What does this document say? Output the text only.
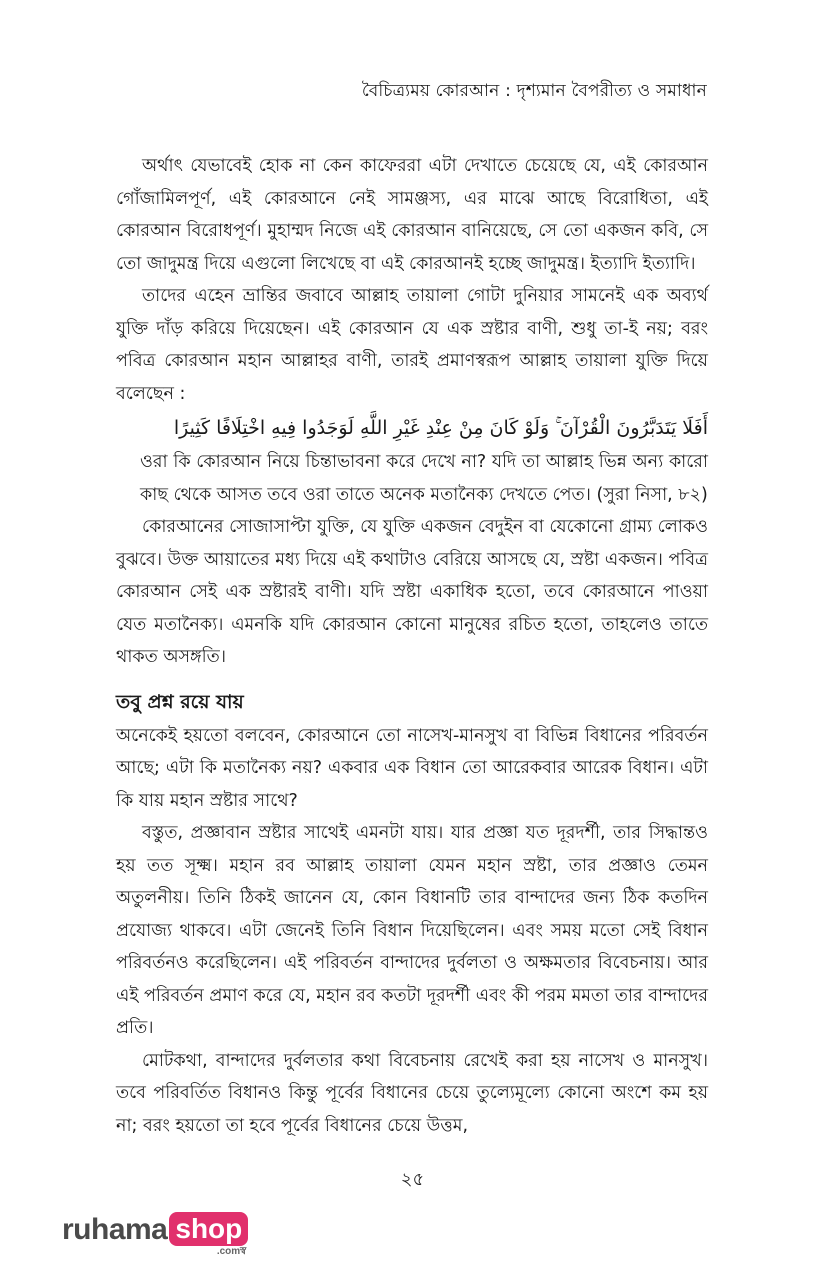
বৈচিত্র্যময় কোরআন : দৃশ্যমান বৈপরীত্য ও সমাধান

অর্থাৎ যেভাবেই হোক না কেন কাফেররা এটা দেখাতে চেয়েছে যে, এই কোরআন গোঁজামিলপূর্ণ, এই কোরআনে নেই সামঞ্জস্য, এর মাঝে আছে বিরোধিতা, এই কোরআন বিরোধপূর্ণ। মুহাম্মদ নিজে এই কোরআন বানিয়েছে, সে তো একজন কবি, সে তো জাদুমন্ত্র দিয়ে এগুলো লিখেছে বা এই কোরআনই হচ্ছে জাদুমন্ত্র। ইত্যাদি ইত্যাদি।

তাদের এহেন ভ্রান্তির জবাবে আল্লাহ তায়ালা গোটা দুনিয়ার সামনেই এক অব্যর্থ যুক্তি দাঁড় করিয়ে দিয়েছেন। এই কোরআন যে এক স্রষ্টার বাণী, শুধু তা-ই নয়; বরং পবিত্র কোরআন মহান আল্লাহর বাণী, তারই প্রমাণস্বরূপ আল্লাহ তায়ালা যুক্তি দিয়ে বলেছেন :

أَفَلَا يَتَدَبَّرُونَ الْقُرْآنَ ۚ وَلَوْ كَانَ مِنْ عِنْدِ غَيْرِ اللَّهِ لَوَجَدُوا فِيهِ اخْتِلَافًا كَثِيرًا

ওরা কি কোরআন নিয়ে চিন্তাভাবনা করে দেখে না? যদি তা আল্লাহ ভিন্ন অন্য কারো কাছ থেকে আসত তবে ওরা তাতে অনেক মতানৈক্য দেখতে পেত। (সুরা নিসা, ৮২)

কোরআনের সোজাসাপ্টা যুক্তি, যে যুক্তি একজন বেদুইন বা যেকোনো গ্রাম্য লোকও বুঝবে। উক্ত আয়াতের মধ্য দিয়ে এই কথাটাও বেরিয়ে আসছে যে, স্রষ্টা একজন। পবিত্র কোরআন সেই এক স্রষ্টারই বাণী। যদি স্রষ্টা একাধিক হতো, তবে কোরআনে পাওয়া যেত মতানৈক্য। এমনকি যদি কোরআন কোনো মানুষের রচিত হতো, তাহলেও তাতে থাকত অসঙ্গতি।

তবু প্রশ্ন রয়ে যায়

অনেকেই হয়তো বলবেন, কোরআনে তো নাসেখ-মানসুখ বা বিভিন্ন বিধানের পরিবর্তন আছে; এটা কি মতানৈক্য নয়? একবার এক বিধান তো আরেকবার আরেক বিধান। এটা কি যায় মহান স্রষ্টার সাথে?

বস্তুত, প্রজ্ঞাবান স্রষ্টার সাথেই এমনটা যায়। যার প্রজ্ঞা যত দূরদর্শী, তার সিদ্ধান্তও হয় তত সূক্ষ্ম। মহান রব আল্লাহ তায়ালা যেমন মহান স্রষ্টা, তার প্রজ্ঞাও তেমন অতুলনীয়। তিনি ঠিকই জানেন যে, কোন বিধানটি তার বান্দাদের জন্য ঠিক কতদিন প্রযোজ্য থাকবে। এটা জেনেই তিনি বিধান দিয়েছিলেন। এবং সময় মতো সেই বিধান পরিবর্তনও করেছিলেন। এই পরিবর্তন বান্দাদের দুর্বলতা ও অক্ষমতার বিবেচনায়। আর এই পরিবর্তন প্রমাণ করে যে, মহান রব কতটা দূরদর্শী এবং কী পরম মমতা তার বান্দাদের প্রতি।

মোটকথা, বান্দাদের দুর্বলতার কথা বিবেচনায় রেখেই করা হয় নাসেখ ও মানসুখ। তবে পরিবর্তিত বিধানও কিন্তু পূর্বের বিধানের চেয়ে তুল্যেমূল্যে কোনো অংশে কম হয় না; বরং হয়তো তা হবে পূর্বের বিধানের চেয়ে উত্তম,

২৫
ruhama shop
.comস্ব
